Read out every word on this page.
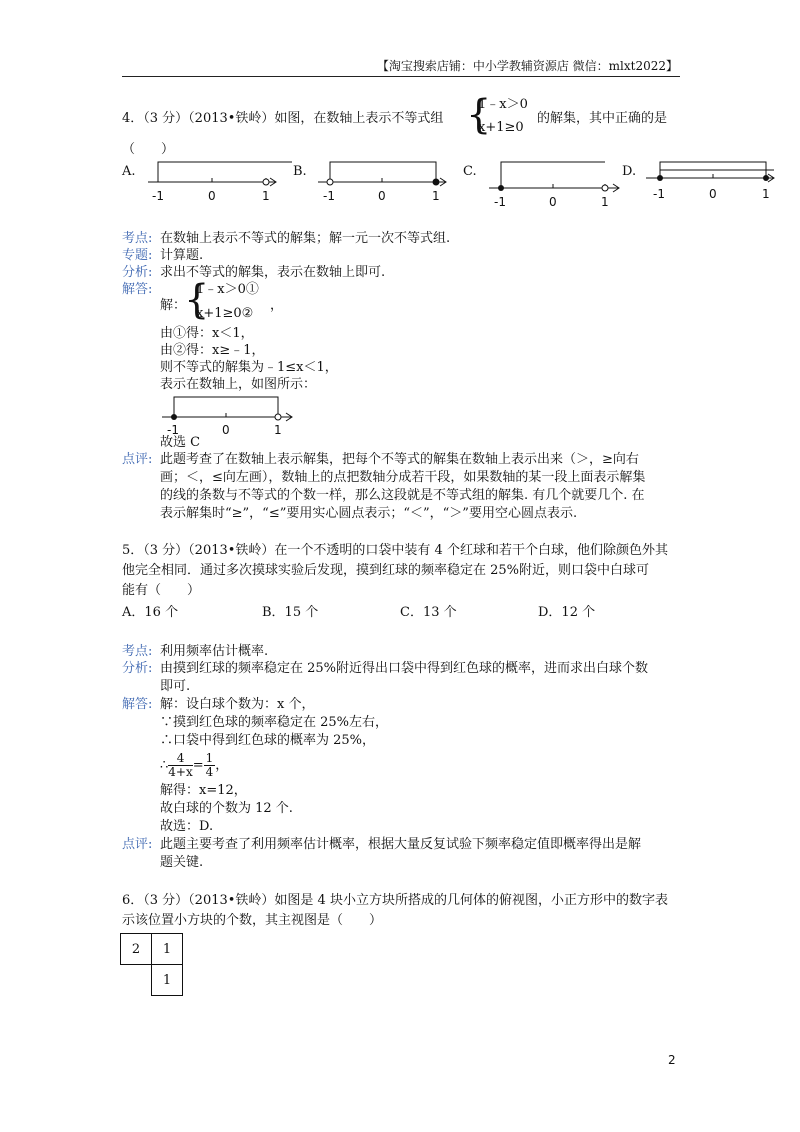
【淘宝搜索店铺：中小学教辅资源店 微信：mlxt2022】
4．（3 分）（2013•铁岭）如图，在数轴上表示不等式组 {
1﹣x＞0
x+1≥0
的解集，其中正确的是
（　　）
A.	B.	C.	D.
-1	0	1	-1	0	1	-1	0	1
-1	0	1
考点: 在数轴上表示不等式的解集；解一元一次不等式组.
专题: 计算题.
分析: 求出不等式的解集，表示在数轴上即可.
解答:
解：
{
1﹣x＞0①
x+1≥0②
，
由①得：x＜1，
由②得：x≥﹣1，
则不等式的解集为﹣1≤x＜1，
表示在数轴上，如图所示：
-1	0	1
故选 C
点评: 此题考查了在数轴上表示解集，把每个不等式的解集在数轴上表示出来（＞，≥向右
画；＜，≤向左画），数轴上的点把数轴分成若干段，如果数轴的某一段上面表示解集
的线的条数与不等式的个数一样，那么这段就是不等式组的解集. 有几个就要几个. 在
表示解集时“≥”，“≤”要用实心圆点表示；“＜”，“＞”要用空心圆点表示.
5．（3 分）（2013•铁岭）在一个不透明的口袋中装有 4 个红球和若干个白球，他们除颜色外其
他完全相同．通过多次摸球实验后发现，摸到红球的频率稳定在 25%附近，则口袋中白球可
能有（　　）
A．16 个	B．15 个	C．13 个	D．12 个
考点: 利用频率估计概率.
分析: 由摸到红球的频率稳定在 25%附近得出口袋中得到红色球的概率，进而求出白球个数
即可.
解答: 解：设白球个数为：x 个，
∵摸到红色球的频率稳定在 25%左右，
∴口袋中得到红色球的概率为 25%，
∴ $\frac{4}{4+x} = \frac{1}{4}$ ，
解得：x=12，
故白球的个数为 12 个.
故选：D.
点评: 此题主要考查了利用频率估计概率，根据大量反复试验下频率稳定值即概率得出是解
题关键.
6．（3 分）（2013•铁岭）如图是 4 块小立方块所搭成的几何体的俯视图，小正方形中的数字表
示该位置小方块的个数，其主视图是（　　）
2	1
	1
2
